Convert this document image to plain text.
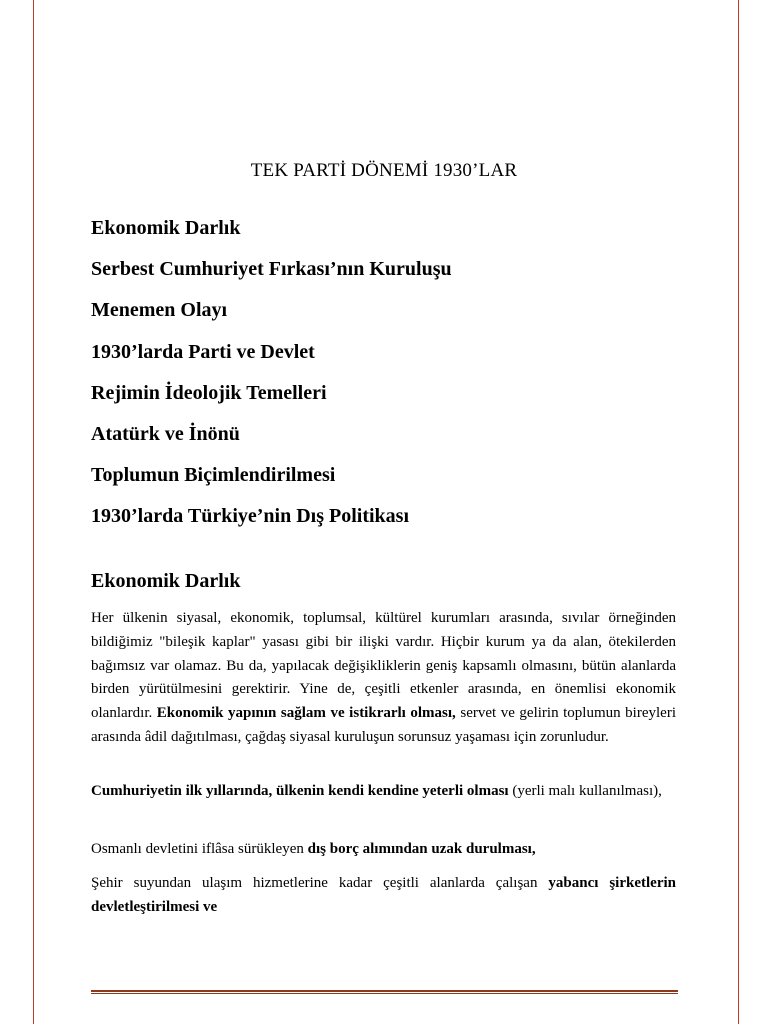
TEK PARTİ DÖNEMİ 1930’LAR
Ekonomik Darlık
Serbest Cumhuriyet Fırkası’nın Kuruluşu
Menemen Olayı
1930’larda Parti ve Devlet
Rejimin İdeolojik Temelleri
Atatürk ve İnönü
Toplumun Biçimlendirilmesi
1930’larda Türkiye’nin Dış Politikası
Ekonomik Darlık

Her ülkenin siyasal, ekonomik, toplumsal, kültürel kurumları arasında, sıvılar örneğinden bildiğimiz "bileşik kaplar" yasası gibi bir ilişki vardır. Hiçbir kurum ya da alan, ötekilerden bağımsız var olamaz. Bu da, yapılacak değişikliklerin geniş kapsamlı olmasını, bütün alanlarda birden yürütülmesini gerektirir. Yine de, çeşitli etkenler arasında, en önemlisi ekonomik olanlardır. Ekonomik yapının sağlam ve istikrarlı olması, servet ve gelirin toplumun bireyleri arasında âdil dağıtılması, çağdaş siyasal kuruluşun sorunsuz yaşaması için zorunludur.

Cumhuriyetin ilk yıllarında, ülkenin kendi kendine yeterli olması (yerli malı kullanılması),

Osmanlı devletini iflâsa sürükleyen dış borç alımından uzak durulması,

Şehir suyundan ulaşım hizmetlerine kadar çeşitli alanlarda çalışan yabancı şirketlerin devletleştirilmesi ve
